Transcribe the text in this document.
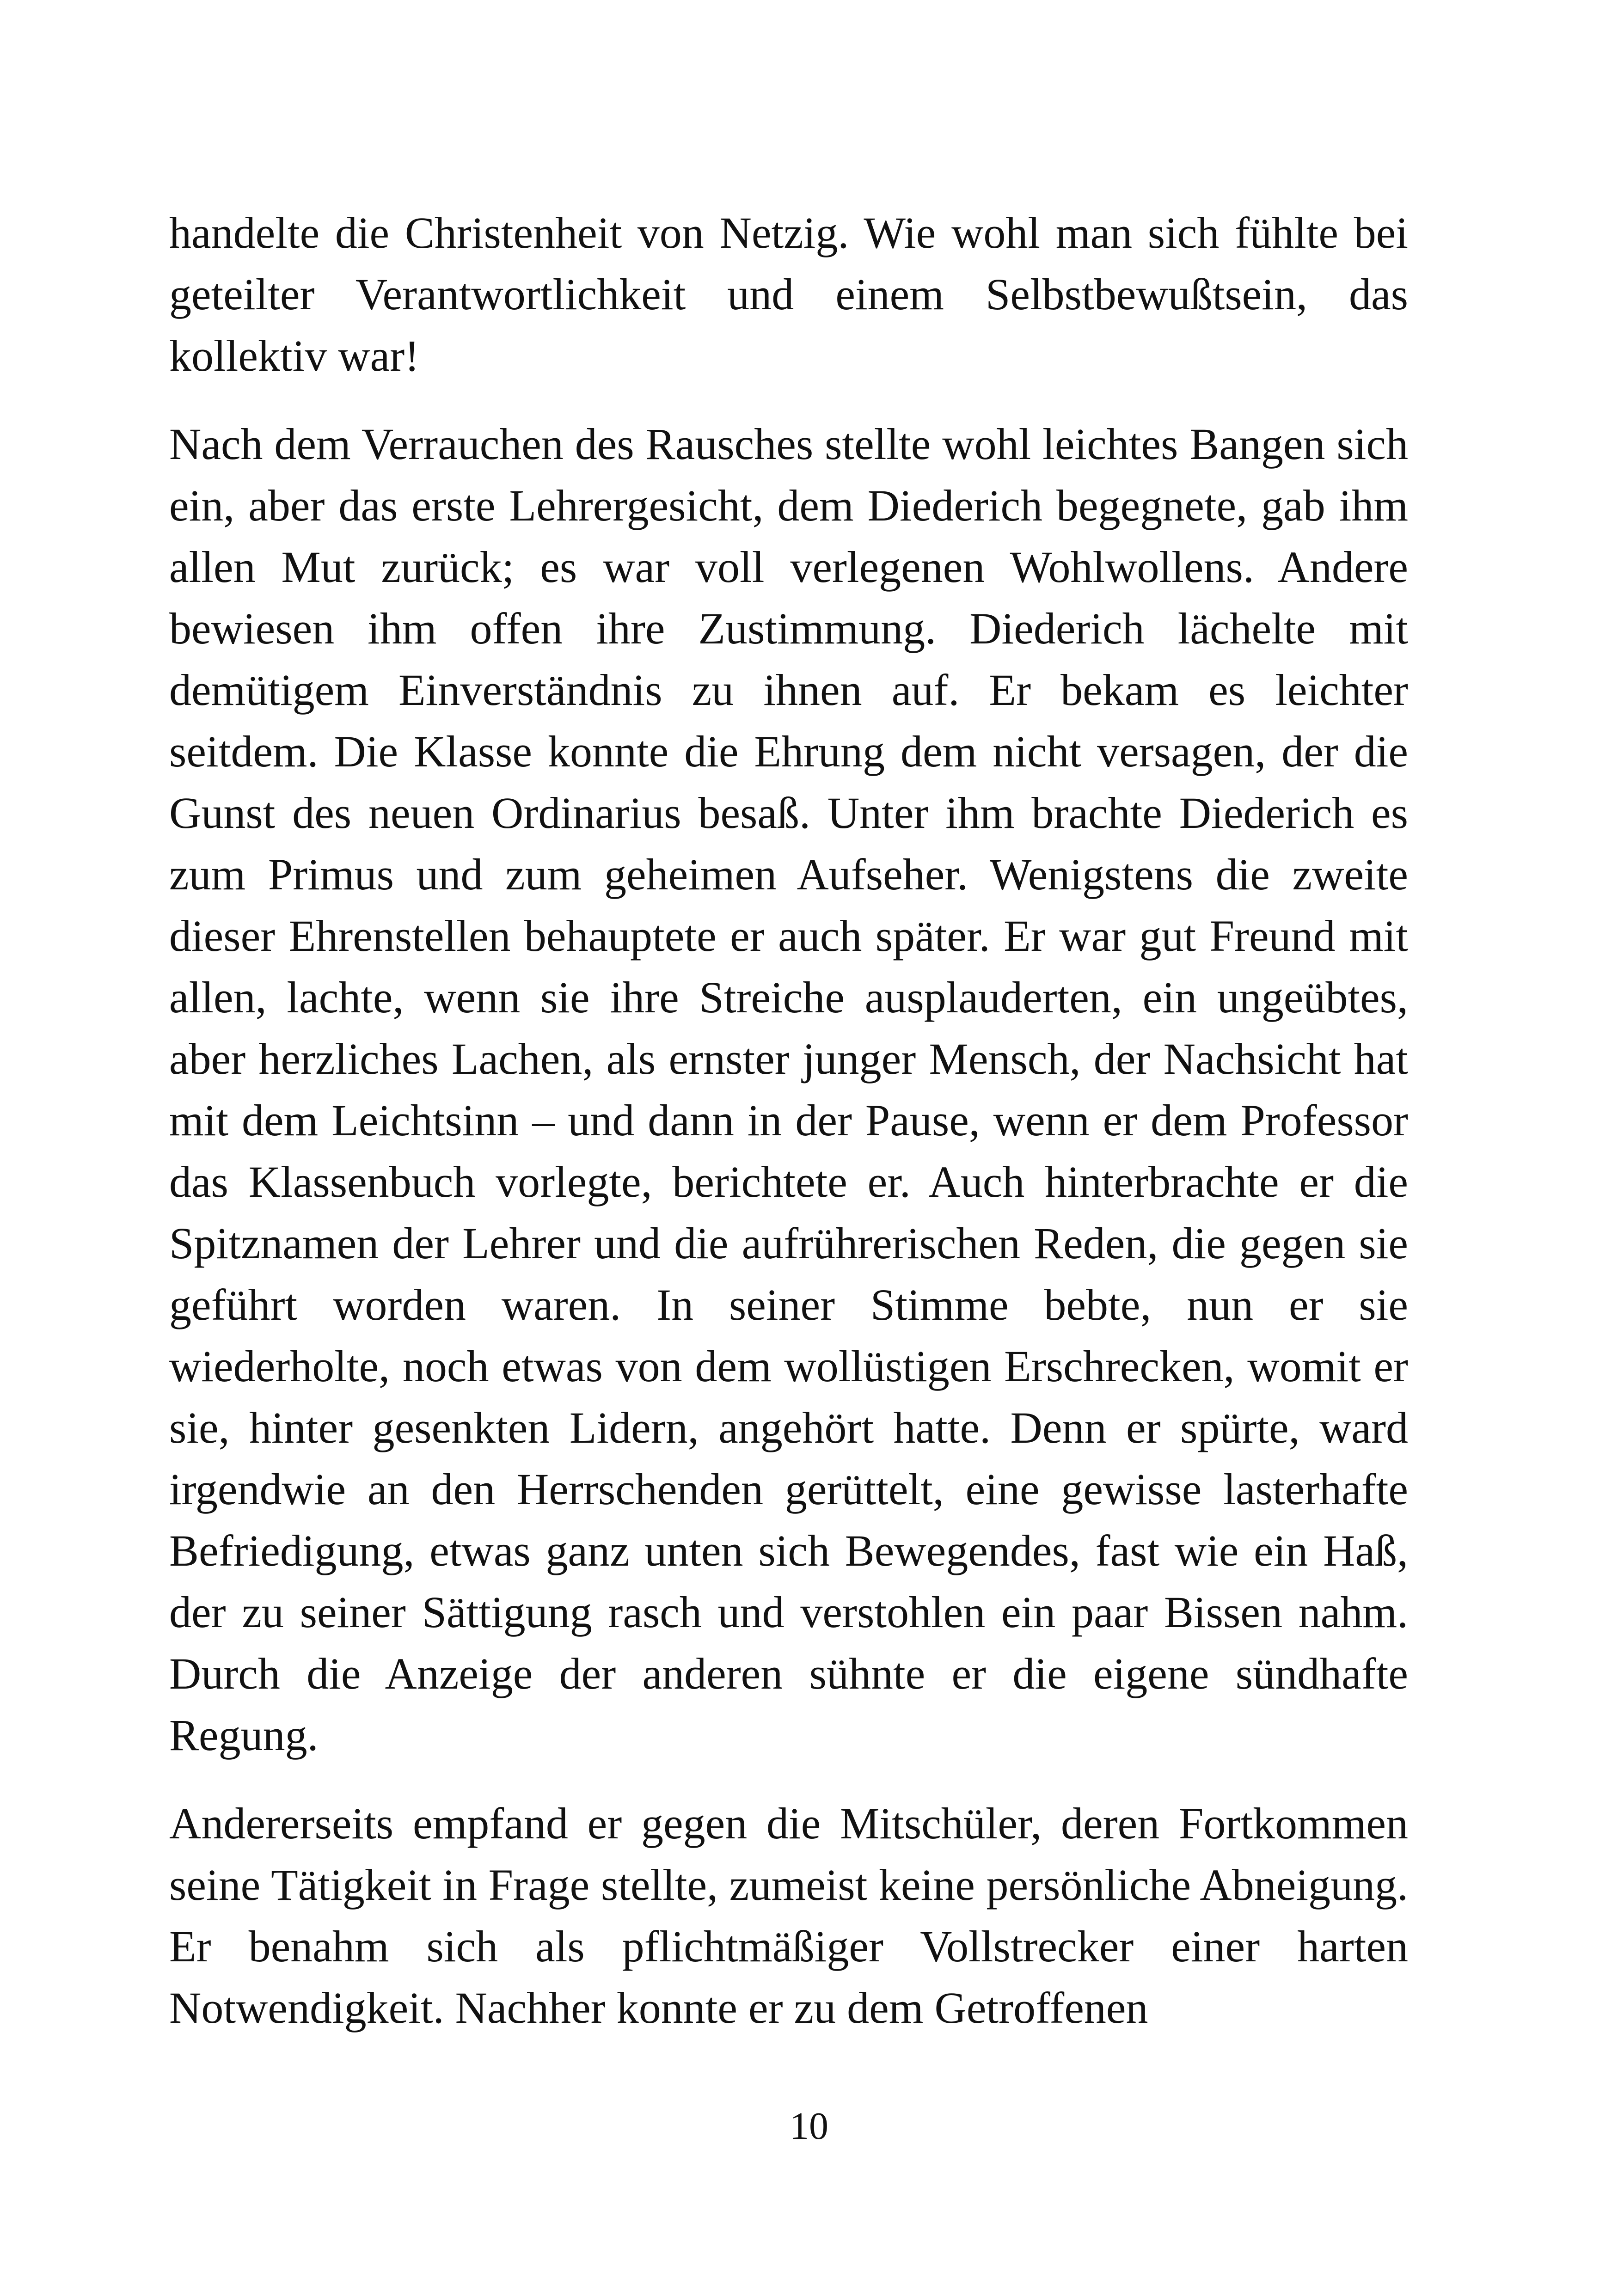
handelte die Christenheit von Netzig. Wie wohl man sich fühlte bei geteilter Verantwortlichkeit und einem Selbstbewußtsein, das kollektiv war!

Nach dem Verrauchen des Rausches stellte wohl leichtes Bangen sich ein, aber das erste Lehrergesicht, dem Diederich begegnete, gab ihm allen Mut zurück; es war voll verlegenen Wohlwollens. Andere bewiesen ihm offen ihre Zustimmung. Diederich lächelte mit demütigem Einverständnis zu ihnen auf. Er bekam es leichter seitdem. Die Klasse konnte die Ehrung dem nicht versagen, der die Gunst des neuen Ordinarius besaß. Unter ihm brachte Diederich es zum Primus und zum geheimen Aufseher. Wenigstens die zweite dieser Ehrenstellen behauptete er auch später. Er war gut Freund mit allen, lachte, wenn sie ihre Streiche ausplauderten, ein ungeübtes, aber herzliches Lachen, als ernster junger Mensch, der Nachsicht hat mit dem Leichtsinn – und dann in der Pause, wenn er dem Professor das Klassenbuch vorlegte, berichtete er. Auch hinterbrachte er die Spitznamen der Lehrer und die aufrührerischen Reden, die gegen sie geführt worden waren. In seiner Stimme bebte, nun er sie wiederholte, noch etwas von dem wollüstigen Erschrecken, womit er sie, hinter gesenkten Lidern, angehört hatte. Denn er spürte, ward irgendwie an den Herrschenden gerüttelt, eine gewisse lasterhafte Befriedigung, etwas ganz unten sich Bewegendes, fast wie ein Haß, der zu seiner Sättigung rasch und verstohlen ein paar Bissen nahm. Durch die Anzeige der anderen sühnte er die eigene sündhafte Regung.

Andererseits empfand er gegen die Mitschüler, deren Fortkommen seine Tätigkeit in Frage stellte, zumeist keine persönliche Abneigung. Er benahm sich als pflichtmäßiger Vollstrecker einer harten Notwendigkeit. Nachher konnte er zu dem Getroffenen

10
